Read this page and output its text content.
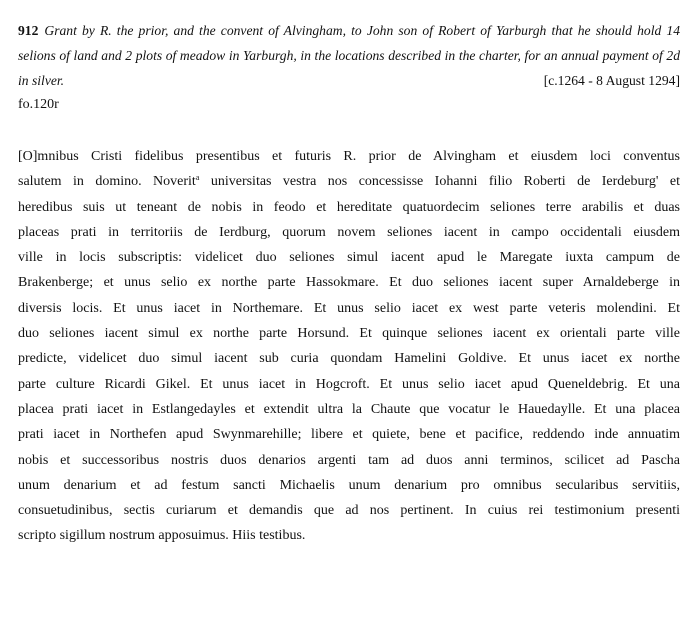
912 Grant by R. the prior, and the convent of Alvingham, to John son of Robert of Yarburgh that he should hold 14
selions of land and 2 plots of meadow in Yarburgh, in the locations described in the charter, for an annual payment of 2d
in silver.	[c.1264 - 8 August 1294]
fo.120r
[O]mnibus Cristi fidelibus presentibus et futuris R. prior de Alvingham et eiusdem loci conventus
salutem in domino. Noverit$^a$ universitas vestra nos concessisse Iohanni filio Roberti de Ierdeburg' et
heredibus suis ut teneant de nobis in feodo et hereditate quatuordecim seliones terre arabilis et duas
placeas prati in territoriis de Ierdburg, quorum novem seliones iacent in campo occidentali eiusdem
ville in locis subscriptis: videlicet duo seliones simul iacent apud le Maregate iuxta campum de
Brakenberge; et unus selio ex northe parte Hassokmare. Et duo seliones iacent super Arnaldeberge in
diversis locis. Et unus iacet in Northemare. Et unus selio iacet ex west parte veteris molendini. Et
duo seliones iacent simul ex northe parte Horsund. Et quinque seliones iacent ex orientali parte ville
predicte, videlicet duo simul iacent sub curia quondam Hamelini Goldive. Et unus iacet ex northe
parte culture Ricardi Gikel. Et unus iacet in Hogcroft. Et unus selio iacet apud Queneldebrig. Et una
placea prati iacet in Estlangedayles et extendit ultra la Chaute que vocatur le Hauedaylle. Et una placea
prati iacet in Northefen apud Swynmarehille; libere et quiete, bene et pacifice, reddendo inde annuatim
nobis et successoribus nostris duos denarios argenti tam ad duos anni terminos, scilicet ad Pascha
unum denarium et ad festum sancti Michaelis unum denarium pro omnibus secularibus servitiis,
consuetudinibus, sectis curiarum et demandis que ad nos pertinent. In cuius rei testimonium presenti
scripto sigillum nostrum apposuimus. Hiis testibus.
